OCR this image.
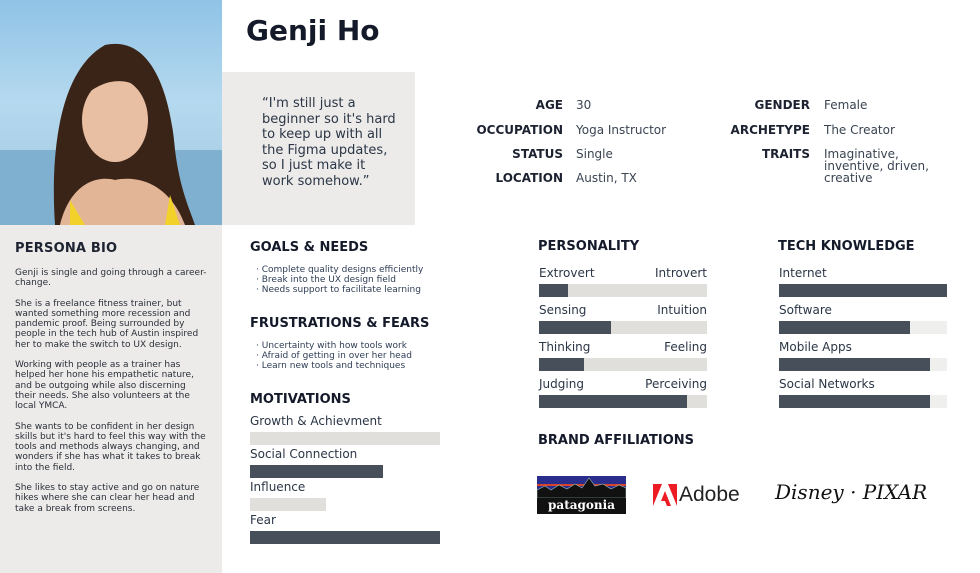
PERSONA BIO

Genji is single and going through a career-change.

She is a freelance fitness trainer, but wanted something more recession and pandemic proof. Being surrounded by people in the tech hub of Austin inspired her to make the switch to UX design.

Working with people as a trainer has helped her hone his empathetic nature, and be outgoing while also discerning their needs. She also volunteers at the local YMCA.

She wants to be confident in her design skills but it's hard to feel this way with the tools and methods always changing, and wonders if she has what it takes to break into the field.

She likes to stay active and go on nature hikes where she can clear her head and take a break from screens.

Genji Ho
“I'm still just a beginner so it's hard to keep up with all the Figma updates, so I just make it work somehow.”
AGE 30
OCCUPATION Yoga Instructor
STATUS Single
LOCATION Austin, TX
GENDER Female
ARCHETYPE The Creator
TRAITS Imaginative, inventive, driven, creative
GOALS & NEEDS
· Complete quality designs efficiently
· Break into the UX design field
· Needs support to facilitate learning
FRUSTRATIONS & FEARS
· Uncertainty with how tools work
· Afraid of getting in over her head
· Learn new tools and techniques
MOTIVATIONS
PERSONALITY	TECH KNOWLEDGE
BRAND AFFILIATIONS
patagonia	Adobe Disney · PIXAR
Growth & Achievment
Social Connection
Influence
Fear
Extrovert	Introvert
Sensing	Intuition
Thinking	Feeling
Judging	Perceiving
Internet
Software
Mobile Apps
Social Networks
